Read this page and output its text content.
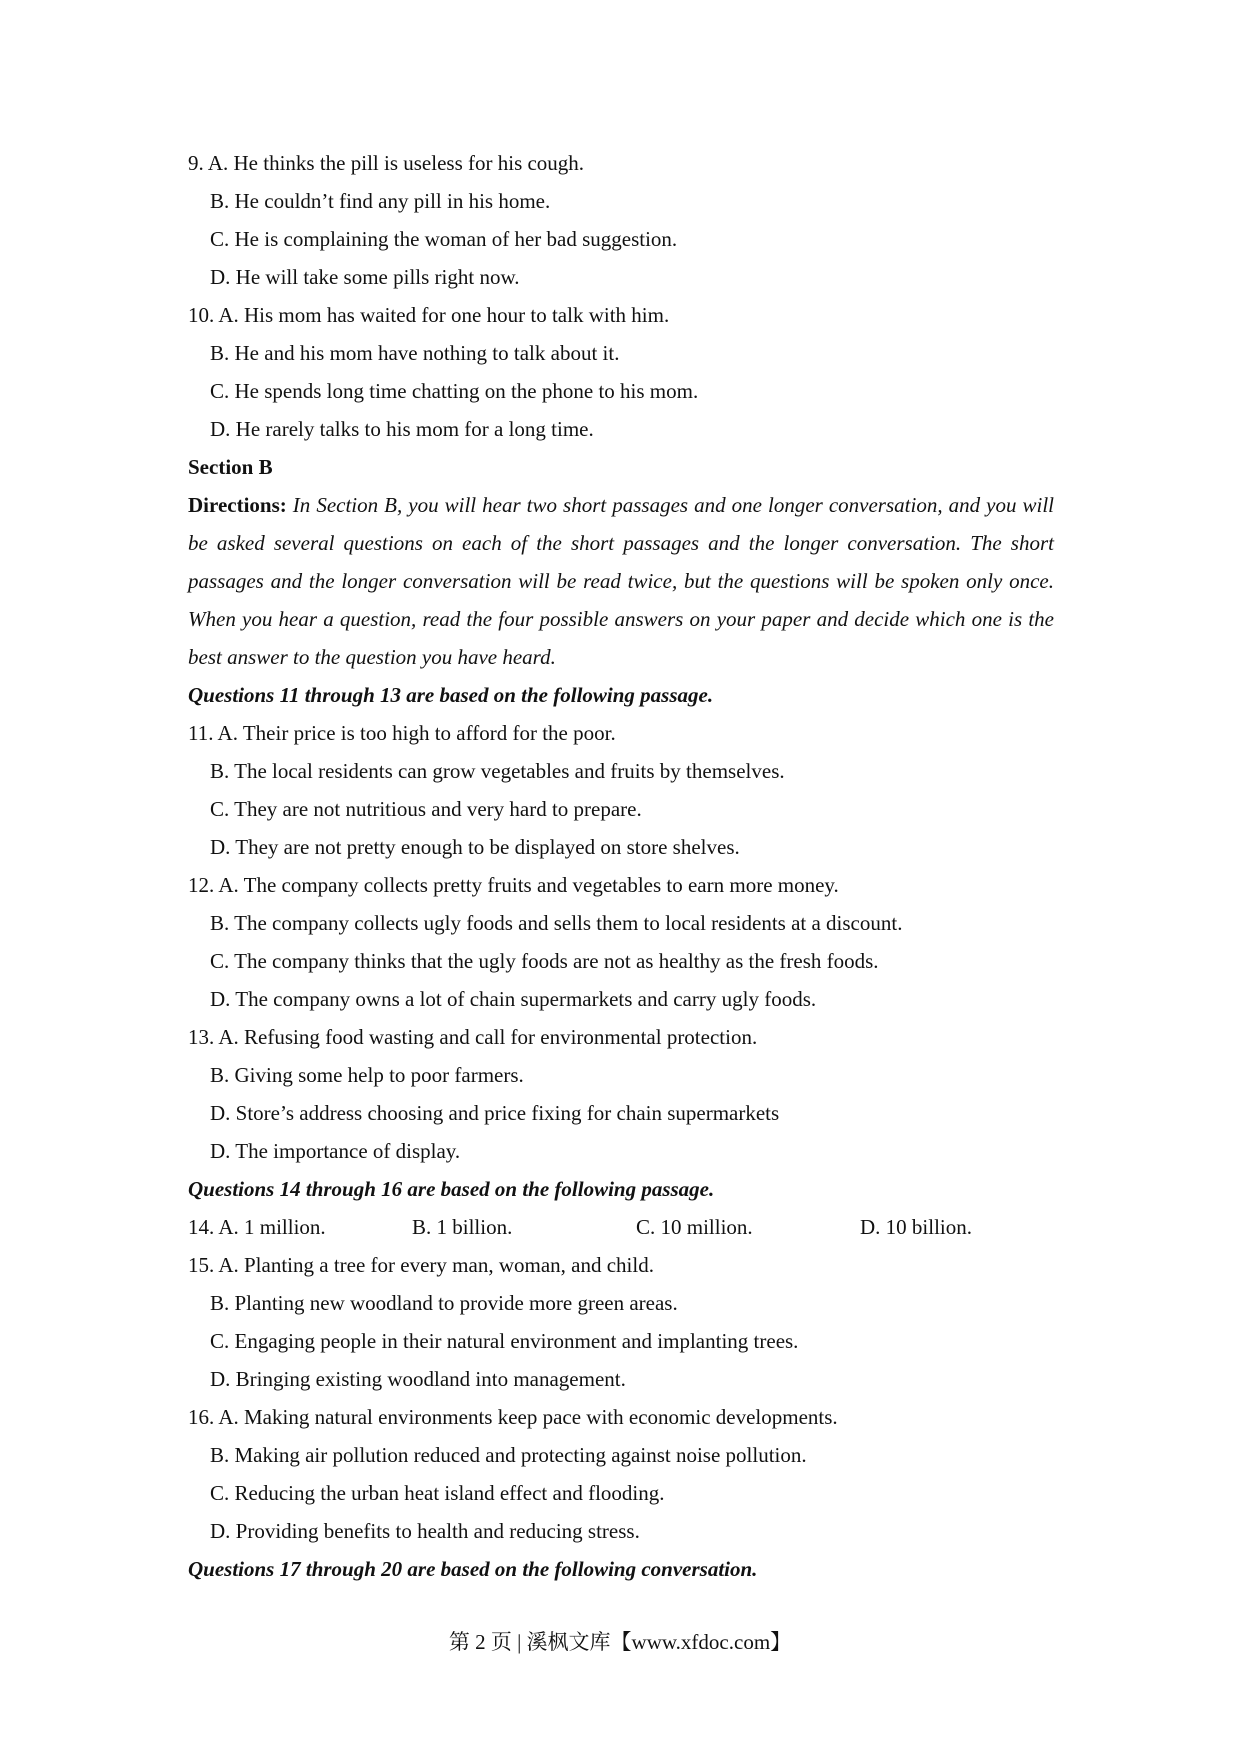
9. A. He thinks the pill is useless for his cough.
B. He couldn’t find any pill in his home.
C. He is complaining the woman of her bad suggestion.
D. He will take some pills right now.
10. A. His mom has waited for one hour to talk with him.
B. He and his mom have nothing to talk about it.
C. He spends long time chatting on the phone to his mom.
D. He rarely talks to his mom for a long time.
Section B
Directions: In Section B, you will hear two short passages and one longer conversation, and you will be asked several questions on each of the short passages and the longer conversation. The short passages and the longer conversation will be read twice, but the questions will be spoken only once. When you hear a question, read the four possible answers on your paper and decide which one is the best answer to the question you have heard.
Questions 11 through 13 are based on the following passage.
11. A. Their price is too high to afford for the poor.
B. The local residents can grow vegetables and fruits by themselves.
C. They are not nutritious and very hard to prepare.
D. They are not pretty enough to be displayed on store shelves.
12. A. The company collects pretty fruits and vegetables to earn more money.
B. The company collects ugly foods and sells them to local residents at a discount.
C. The company thinks that the ugly foods are not as healthy as the fresh foods.
D. The company owns a lot of chain supermarkets and carry ugly foods.
13. A. Refusing food wasting and call for environmental protection.
B. Giving some help to poor farmers.
D. Store’s address choosing and price fixing for chain supermarkets
D. The importance of display.
Questions 14 through 16 are based on the following passage.
14. A. 1 million.	B. 1 billion.	C. 10 million.	D. 10 billion.
15. A. Planting a tree for every man, woman, and child.
B. Planting new woodland to provide more green areas.
C. Engaging people in their natural environment and implanting trees.
D. Bringing existing woodland into management.
16. A. Making natural environments keep pace with economic developments.
B. Making air pollution reduced and protecting against noise pollution.
C. Reducing the urban heat island effect and flooding.
D. Providing benefits to health and reducing stress.
Questions 17 through 20 are based on the following conversation.
第 2 页 | 溪枫文库【www.xfdoc.com】
